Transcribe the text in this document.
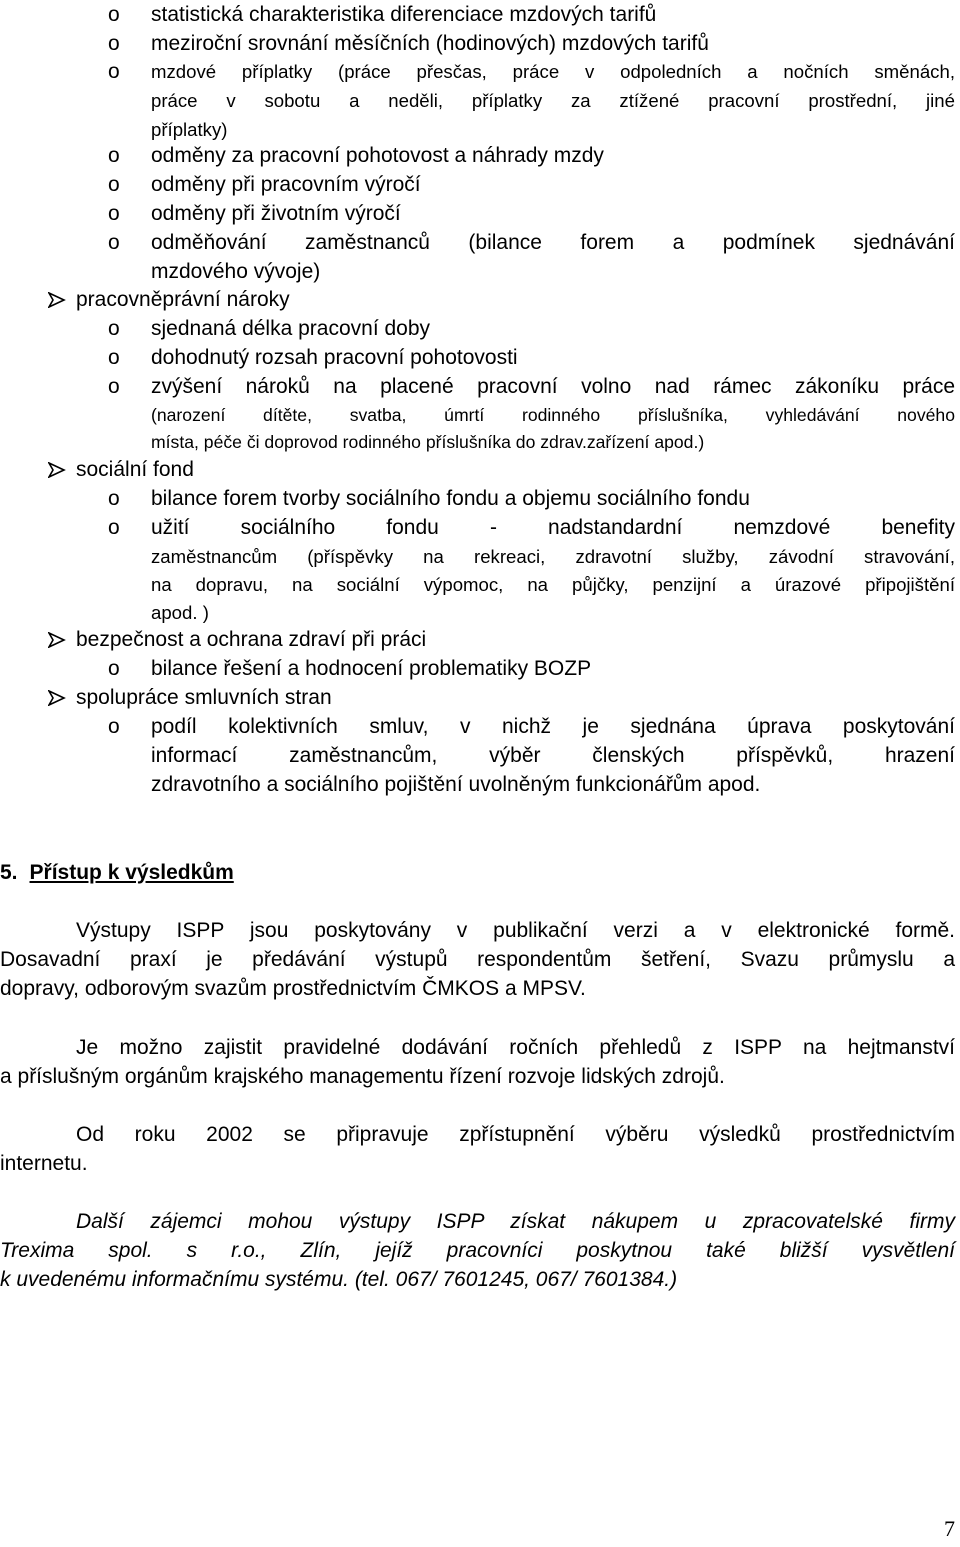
o statistická charakteristika diferenciace mzdových tarifů
o meziroční srovnání měsíčních (hodinových) mzdových tarifů
o mzdové příplatky (práce přesčas, práce v odpoledních a nočních směnách,
práce v sobotu a neděli, příplatky za ztížené pracovní prostřední, jiné
příplatky)
o odměny za pracovní pohotovost a náhrady mzdy
o odměny při pracovním výročí
o odměny při životním výročí
o odměňování zaměstnanců (bilance forem a podmínek sjednávání
mzdového vývoje)
pracovněprávní nároky
o sjednaná délka pracovní doby
o dohodnutý rozsah pracovní pohotovosti
o zvýšení nároků na placené pracovní volno nad rámec zákoníku práce
(narození dítěte, svatba, úmrtí rodinného příslušníka, vyhledávání nového
místa, péče či doprovod rodinného příslušníka do zdrav.zařízení apod.)
sociální fond
o bilance forem tvorby sociálního fondu a objemu sociálního fondu
o užití sociálního fondu - nadstandardní nemzdové benefity
zaměstnancům (příspěvky na rekreaci, zdravotní služby, závodní stravování,
na dopravu, na sociální výpomoc, na půjčky, penzijní a úrazové připojištění
apod. )
bezpečnost a ochrana zdraví při práci
o bilance řešení a hodnocení problematiky BOZP
spolupráce smluvních stran
o podíl kolektivních smluv, v nichž je sjednána úprava poskytování
informací zaměstnancům, výběr členských příspěvků, hrazení
zdravotního a sociálního pojištění uvolněným funkcionářům apod.
5. Přístup k výsledkům
Výstupy ISPP jsou poskytovány v publikační verzi a v elektronické formě.
Dosavadní praxí je předávání výstupů respondentům šetření, Svazu průmyslu a
dopravy, odborovým svazům prostřednictvím ČMKOS a MPSV.
Je možno zajistit pravidelné dodávání ročních přehledů z ISPP na hejtmanství
a příslušným orgánům krajského managementu řízení rozvoje lidských zdrojů.
Od roku 2002 se připravuje zpřístupnění výběru výsledků prostřednictvím
internetu.
Další zájemci mohou výstupy ISPP získat nákupem u zpracovatelské firmy
Trexima spol. s r.o., Zlín, jejíž pracovníci poskytnou také bližší vysvětlení
k uvedenému informačnímu systému. (tel. 067/ 7601245, 067/ 7601384.)
7
